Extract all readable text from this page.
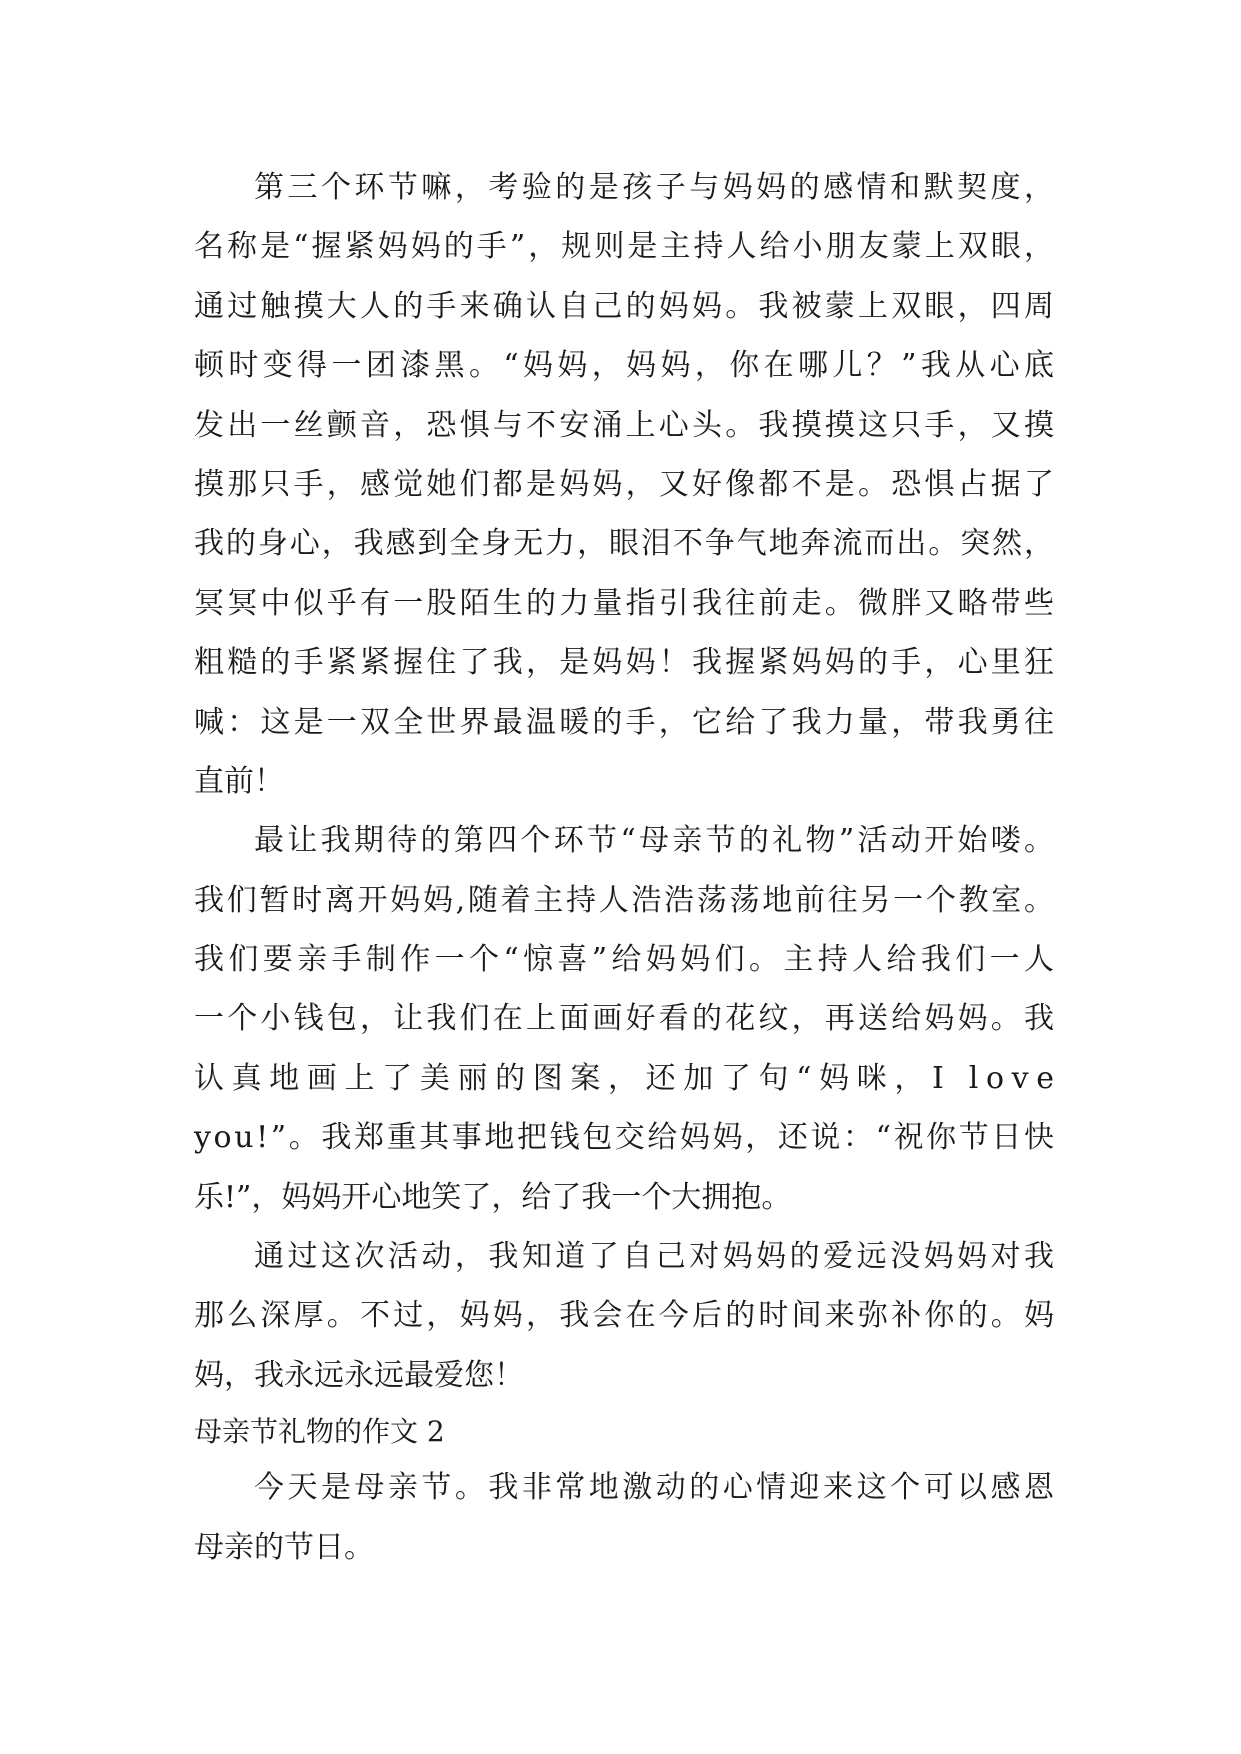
第三个环节嘛，考验的是孩子与妈妈的感情和默契度，
名称是“握紧妈妈的手”，规则是主持人给小朋友蒙上双眼，
通过触摸大人的手来确认自己的妈妈。我被蒙上双眼，四周
顿时变得一团漆黑。“妈妈，妈妈，你在哪儿？”我从心底
发出一丝颤音，恐惧与不安涌上心头。我摸摸这只手，又摸
摸那只手，感觉她们都是妈妈，又好像都不是。恐惧占据了
我的身心，我感到全身无力，眼泪不争气地奔流而出。突然，
冥冥中似乎有一股陌生的力量指引我往前走。微胖又略带些
粗糙的手紧紧握住了我，是妈妈！我握紧妈妈的手，心里狂
喊：这是一双全世界最温暖的手，它给了我力量，带我勇往
直前！
最让我期待的第四个环节“母亲节的礼物”活动开始喽。
我们暂时离开妈妈,随着主持人浩浩荡荡地前往另一个教室。
我们要亲手制作一个“惊喜”给妈妈们。主持人给我们一人
一个小钱包，让我们在上面画好看的花纹，再送给妈妈。我
认真地画上了美丽的图案，还加了句“妈咪，I love
you!”。我郑重其事地把钱包交给妈妈，还说：“祝你节日快
乐!”，妈妈开心地笑了，给了我一个大拥抱。
通过这次活动，我知道了自己对妈妈的爱远没妈妈对我
那么深厚。不过，妈妈，我会在今后的时间来弥补你的。妈
妈，我永远永远最爱您！
母亲节礼物的作文 2
今天是母亲节。我非常地激动的心情迎来这个可以感恩
母亲的节日。
